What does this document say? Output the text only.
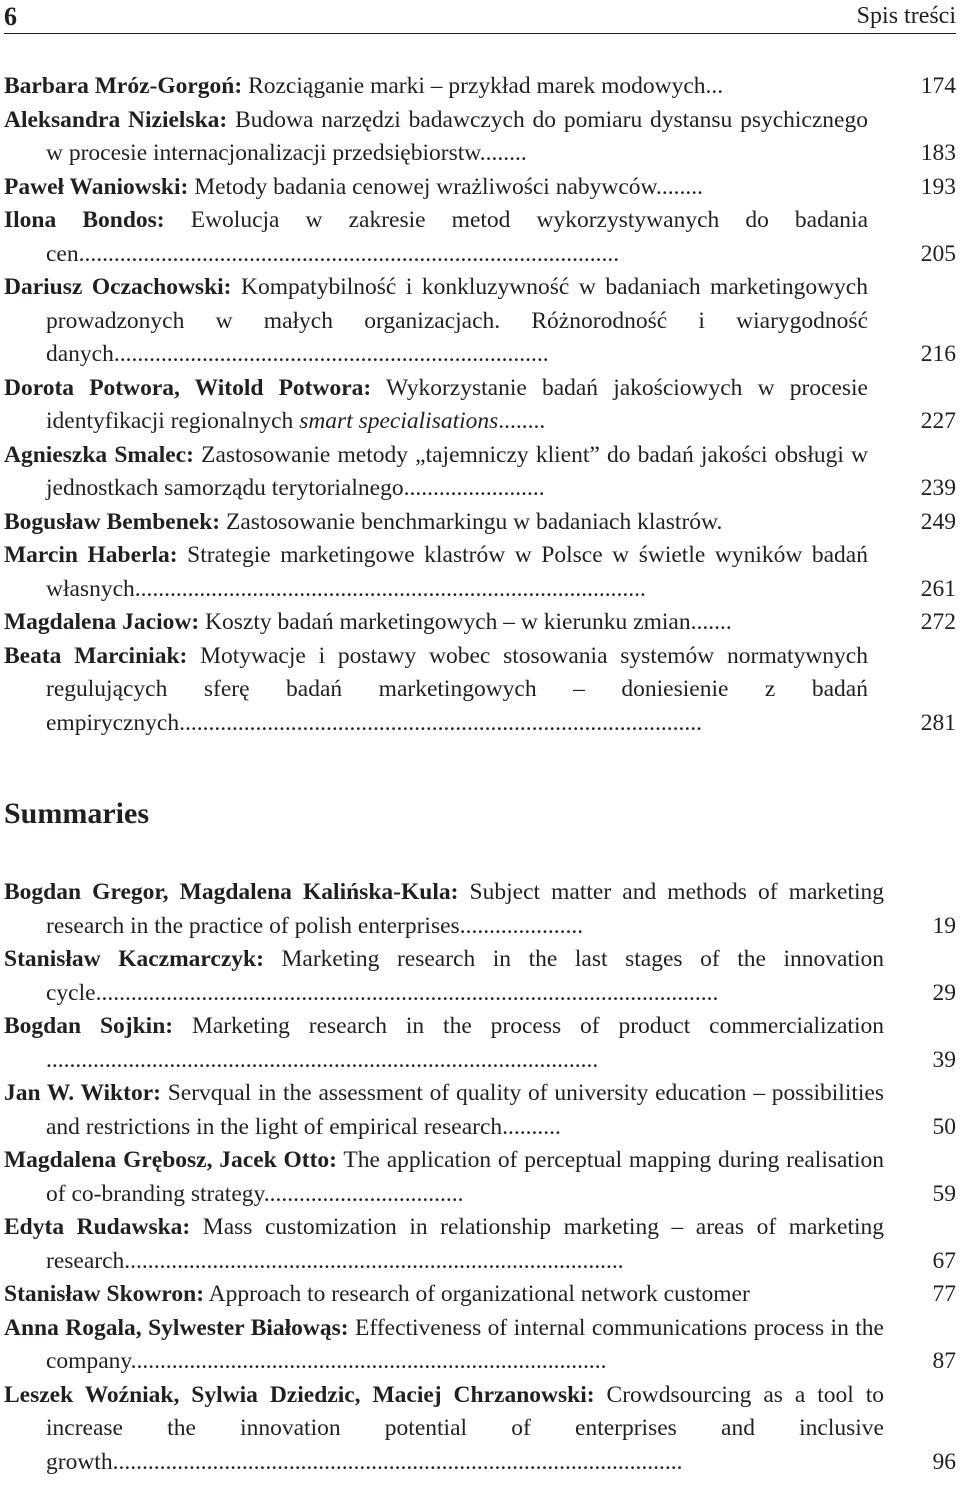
6	Spis treści
Barbara Mróz-Gorgoń: Rozciąganie marki – przykład marek modowych...	174
Aleksandra Nizielska: Budowa narzędzi badawczych do pomiaru dystansu psychicznego w procesie internacjonalizacji przedsiębiorstw........	183
Paweł Waniowski: Metody badania cenowej wrażliwości nabywców........	193
Ilona Bondos: Ewolucja w zakresie metod wykorzystywanych do badania cen............................................................................................	205
Dariusz Oczachowski: Kompatybilność i konkluzywność w badaniach marketingowych prowadzonych w małych organizacjach. Różnorodność i wiarygodność danych..........................................................................	216
Dorota Potwora, Witold Potwora: Wykorzystanie badań jakościowych w procesie identyfikacji regionalnych smart specialisations........	227
Agnieszka Smalec: Zastosowanie metody „tajemniczy klient” do badań jakości obsługi w jednostkach samorządu terytorialnego........................	239
Bogusław Bembenek: Zastosowanie benchmarkingu w badaniach klastrów.	249
Marcin Haberla: Strategie marketingowe klastrów w Polsce w świetle wyników badań własnych.......................................................................................	261
Magdalena Jaciow: Koszty badań marketingowych – w kierunku zmian.......	272
Beata Marciniak: Motywacje i postawy wobec stosowania systemów normatywnych regulujących sferę badań marketingowych – doniesienie z badań empirycznych.........................................................................................	281
Summaries
Bogdan Gregor, Magdalena Kalińska-Kula: Subject matter and methods of marketing research in the practice of polish enterprises.....................	19
Stanisław Kaczmarczyk: Marketing research in the last stages of the innovation cycle..........................................................................................................	29
Bogdan Sojkin: Marketing research in the process of product commercialization ..............................................................................................	39
Jan W. Wiktor: Servqual in the assessment of quality of university education – possibilities and restrictions in the light of empirical research..........	50
Magdalena Grębosz, Jacek Otto: The application of perceptual mapping during realisation of co-branding strategy..................................	59
Edyta Rudawska: Mass customization in relationship marketing – areas of marketing research.....................................................................................	67
Stanisław Skowron: Approach to research of organizational network customer	77
Anna Rogala, Sylwester Białowąs: Effectiveness of internal communications process in the company.................................................................................	87
Leszek Woźniak, Sylwia Dziedzic, Maciej Chrzanowski: Crowdsourcing as a tool to increase the innovation potential of enterprises and inclusive growth.................................................................................................	96
